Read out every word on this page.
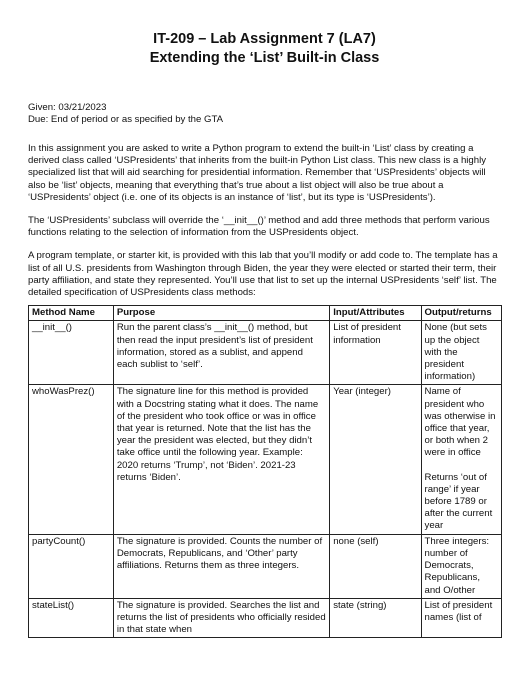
IT-209 – Lab Assignment 7 (LA7)
Extending the ‘List’ Built-in Class
Given: 03/21/2023
Due: End of period or as specified by the GTA

In this assignment you are asked to write a Python program to extend the built-in ‘List’ class by creating a derived class called ‘USPresidents’ that inherits from the built-in Python List class. This new class is a highly specialized list that will aid searching for presidential information. Remember that ‘USPresidents’ objects will also be ‘list’ objects, meaning that everything that’s true about a list object will also be true about a ‘USPresidents’ object (i.e. one of its objects is an instance of ‘list’, but its type is ‘USPresidents’).

The ‘USPresidents’ subclass will override the ‘__init__()’ method and add three methods that perform various functions relating to the selection of information from the USPresidents object.

A program template, or starter kit, is provided with this lab that you’ll modify or add code to. The template has a list of all U.S. presidents from Washington through Biden, the year they were elected or started their term, their party affiliation, and state they represented. You’ll use that list to set up the internal USPresidents ‘self’ list. The detailed specification of USPresidents class methods:

Method Name	Purpose	Input/Attributes	Output/returns
__init__()	Run the parent class’s __init__() method, but then read the input president’s list of president information, stored as a sublist, and append each sublist to ‘self’.	List of president information	None (but sets up the object with the president information)
whoWasPrez()	The signature line for this method is provided with a Docstring stating what it does. The name of the president who took office or was in office that year is returned. Note that the list has the year the president was elected, but they didn’t take office until the following year. Example: 2020 returns ‘Trump’, not ‘Biden’. 2021-23 returns ‘Biden’.	Year (integer)	Name of president who was otherwise in office that year, or both when 2 were in office
Returns ‘out of range’ if year before 1789 or after the current year
partyCount()	The signature is provided. Counts the number of Democrats, Republicans, and ‘Other’ party affiliations. Returns them as three integers.	none (self)	Three integers: number of Democrats, Republicans, and O/other
stateList()	The signature is provided. Searches the list and returns the list of presidents who officially resided in that state when	state (string)	List of president names (list of
